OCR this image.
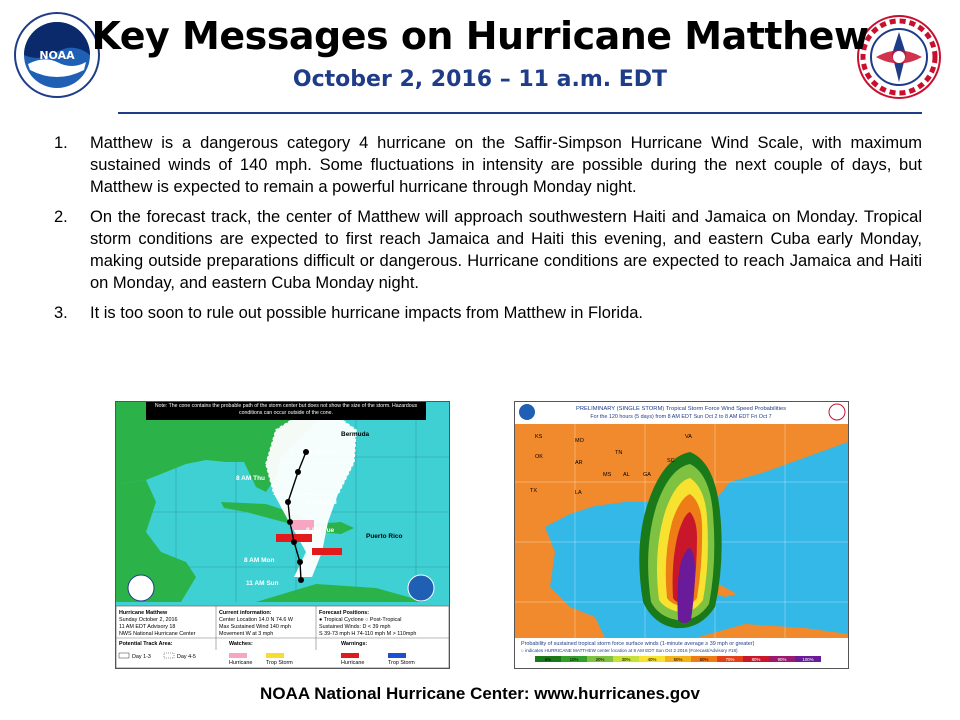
NOAA Key Messages on Hurricane Matthew
October 2, 2016 – 11 a.m. EDT
1. Matthew is a dangerous category 4 hurricane on the Saffir-Simpson Hurricane Wind Scale, with maximum sustained winds of 140 mph. Some fluctuations in intensity are possible during the next couple of days, but Matthew is expected to remain a powerful hurricane through Monday night.
2. On the forecast track, the center of Matthew will approach southwestern Haiti and Jamaica on Monday. Tropical storm conditions are expected to first reach Jamaica and Haiti this evening, and eastern Cuba early Monday, making outside preparations difficult or dangerous. Hurricane conditions are expected to reach Jamaica and Haiti on Monday, and eastern Cuba Monday night.
3. It is too soon to rule out possible hurricane impacts from Matthew in Florida.
8 AM Fri
8 AM Thu
8 AM Wed
8 AM Tue
8 AM Mon
11 AM Sun
Bermuda
Puerto Rico
Note: The cone contains the probable path of the storm center but does not show the size of the storm. Hazardous conditions can occur outside of the cone.
Hurricane Matthew
Sunday October 2, 2016
11 AM EDT Advisory 18
NWS National Hurricane Center
Current information:
Center Location 14.0 N 74.6 W
Max Sustained Wind 140 mph
Movement W at 3 mph
Forecast Positions:
● Tropical Cyclone ○ Post-Tropical
Sustained Winds: D < 39 mph
S 39-73 mph H 74-110 mph M > 110mph
Potential Track Area:
Day 1-3	Day 4-5
Watches:
Hurricane	Trop Storm
Warnings:
Hurricane	Trop Storm
KS
MO
OK
AR
TN
TX	LA
MS AL GA
SC
VA
PRELIMINARY (SINGLE STORM) Tropical Storm Force Wind Speed Probabilities
For the 120 hours (5 days) from 8 AM EDT Sun Oct 2 to 8 AM EDT Fri Oct 7
Probability of sustained tropical storm force surface winds (1-minute average ≥ 39 mph or greater)
○ indicates HURRICANE MATTHEW center location at 8 AM EDT Sun Oct 2 2016 (Forecast/Advisory #18)
5%	10%	20%	30%	40%	50%	60%	70%	80%	90%	100%
NOAA National Hurricane Center: www.hurricanes.gov
